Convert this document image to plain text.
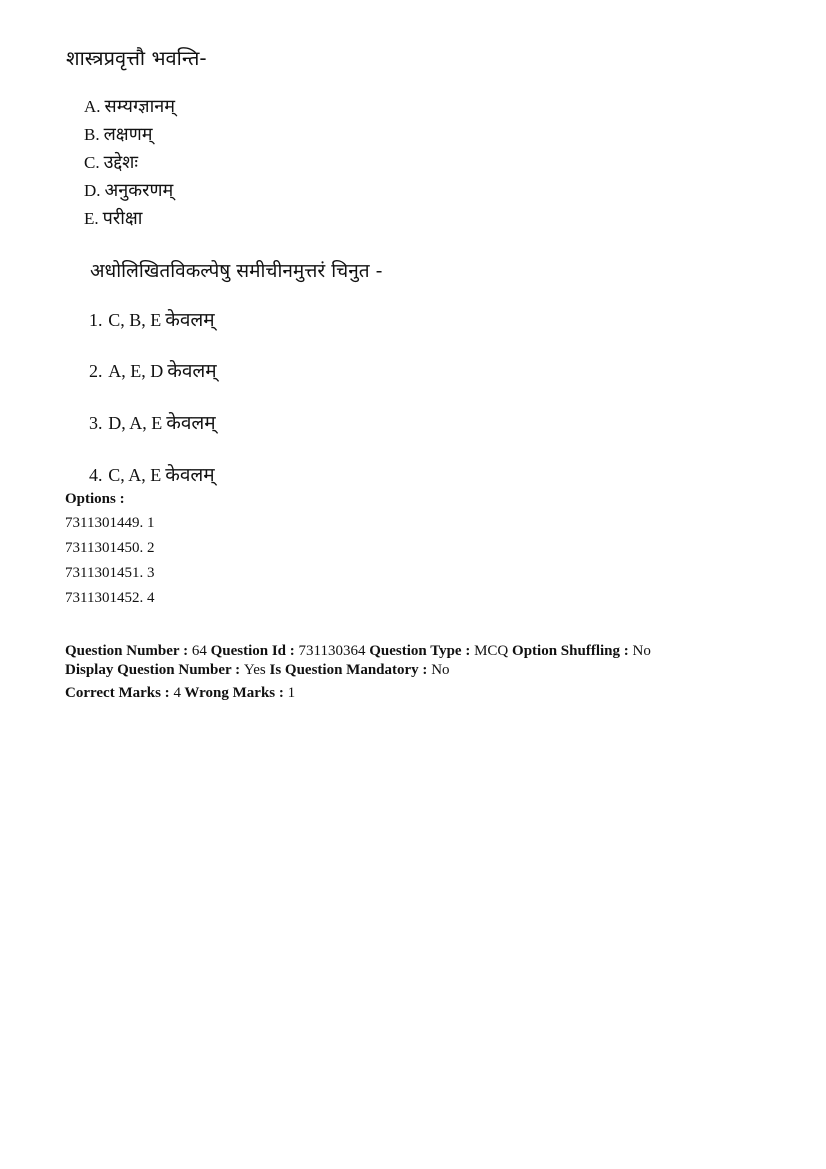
शास्त्रप्रवृत्तौ भवन्ति-
A. सम्यग्ज्ञानम्
B. लक्षणम्
C. उद्देशः
D. अनुकरणम्
E. परीक्षा
अधोलिखितविकल्पेषु समीचीनमुत्तरं चिनुत -
1. C, B, E केवलम्
2. A, E, D केवलम्
3. D, A, E केवलम्
4. C, A, E केवलम्
Options :
7311301449. 1
7311301450. 2
7311301451. 3
7311301452. 4
Question Number : 64 Question Id : 731130364 Question Type : MCQ Option Shuffling : No
Display Question Number : Yes Is Question Mandatory : No
Correct Marks : 4 Wrong Marks : 1
